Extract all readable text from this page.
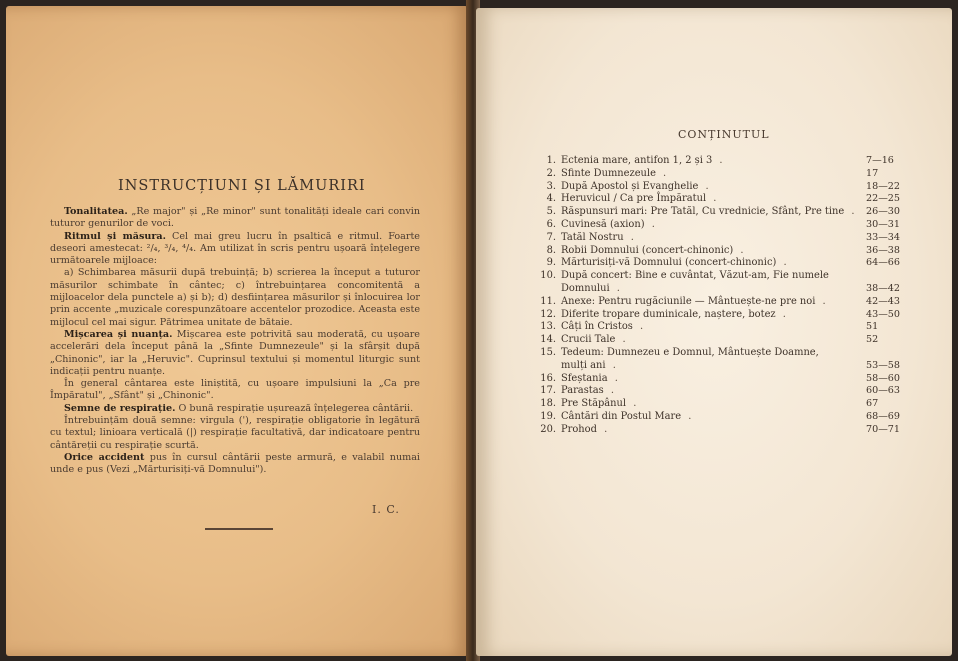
INSTRUCȚIUNI ȘI LĂMURIRI

Tonalitatea. „Re major" și „Re minor" sunt tonalități ideale cari convin tuturor genurilor de voci.

Ritmul și măsura. Cel mai greu lucru în psaltică e ritmul. Foarte deseori amestecat: ²/₄, ³/₄, ⁴/₄. Am utilizat în scris pentru ușoară înțelegere următoarele mijloace:

a) Schimbarea măsurii după trebuință; b) scrierea la început a tuturor măsurilor schimbate în cântec; c) întrebuințarea concomitentă a mijloacelor dela punctele a) și b); d) desființarea măsurilor și înlocuirea lor prin accente „muzicale corespunzătoare accentelor prozodice. Aceasta este mijlocul cel mai sigur. Pătrimea unitate de bătaie.

Mișcarea și nuanța. Mișcarea este potrivită sau moderată, cu ușoare accelerări dela început până la „Sfinte Dumnezeule" și la sfârșit după „Chinonic", iar la „Heruvic". Cuprinsul textului și momentul liturgic sunt indicații pentru nuanțe.

În general cântarea este liniștită, cu ușoare impulsiuni la „Ca pre Împăratul", „Sfânt" și „Chinonic".

Semne de respirație. O bună respirație ușurează înțelegerea cântării.

Întrebuințăm două semne: virgula ('), respirație obligatorie în legătură cu textul; linioara verticală (|) respirație facultativă, dar indicatoare pentru cântăreții cu respirație scurtă.

Orice accident pus în cursul cântării peste armură, e valabil numai unde e pus (Vezi „Mărturisiți-vă Domnului").

I. C.
CONȚINUTUL
1. Ectenia mare, antifon 1, 2 și 3 .	7—16
2. Sfinte Dumnezeule .	17
3. După Apostol și Evanghelie .	18—22
4. Heruvicul / Ca pre Împăratul .	22—25
5. Răspunsuri mari: Pre Tatăl, Cu vrednicie, Sfânt, Pre tine . 26—30
6. Cuvinesă (axion) .	30—31
7. Tatăl Nostru .	33—34
8. Robii Domnului (concert-chinonic) .	36—38
9. Mărturisiți-vă Domnului (concert-chinonic) .	64—66
10. După concert: Bine e cuvântat, Văzut-am, Fie numele
Domnului .	38—42
11. Anexe: Pentru rugăciunile — Mântuește-ne pre noi .	42—43
12. Diferite tropare duminicale, naștere, botez .	43—50
13. Câți în Cristos .	51
14. Crucii Tale .	52
15. Tedeum: Dumnezeu e Domnul, Mântuește Doamne,
mulți ani .	53—58
16. Sfeștania .	58—60
17. Parastas .	60—63
18. Pre Stăpânul .	67
19. Cântări din Postul Mare .	68—69
20. Prohod .	70—71
